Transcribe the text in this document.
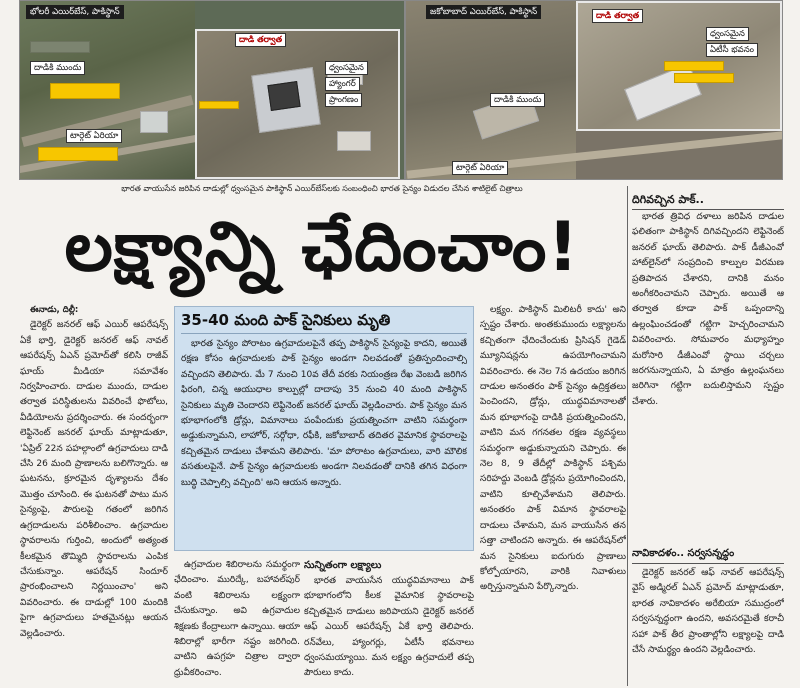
భోలరీ ఎయిర్‌బేస్, పాకిస్థాన్
దాడికి ముందు
టార్గెట్ ఏరియా
దాడి తర్వాత
ధ్వంసమైన
హ్యాంగర్
ప్రాంగణం
జకోబాబాద్ ఎయిర్‌బేస్, పాకిస్థాన్
దాడికి ముందు
టార్గెట్ ఏరియా
దాడి తర్వాత
ధ్వంసమైన
ఏటీసీ భవనం
భారత వాయుసేన జరిపిన దాడుల్లో ధ్వంసమైన పాకిస్థాన్ ఎయిర్‌బేస్‌లకు సంబంధించి భారత సైన్యం విడుదల చేసిన శాటిలైట్ చిత్రాలు
లక్ష్యాన్ని ఛేదించాం!
దిగివచ్చిన పాక్..

భారత త్రివిధ దళాలు జరిపిన దాడుల ఫలితంగా పాకిస్థాన్ దిగివచ్చిందని లెఫ్టినెంట్ జనరల్ ఘాయ్ తెలిపారు. పాక్ డీజీఎంవో హాట్‌లైన్‌లో సంప్రదించి కాల్పుల విరమణ ప్రతిపాదన చేశారని, దానికి మనం అంగీకరించామని చెప్పారు. అయితే ఆ తర్వాత కూడా పాక్ ఒప్పందాన్ని ఉల్లంఘించడంతో గట్టిగా హెచ్చరించామని వివరించారు. సోమవారం మధ్యాహ్నం మరోసారి డీజీఎంవో స్థాయి చర్చలు జరగనున్నాయని, ఏ మాత్రం ఉల్లంఘనలు జరిగినా గట్టిగా బదులిస్తామని స్పష్టం చేశారు.

నావికాదళం.. సర్వసన్నద్ధం

డైరెక్టర్ జనరల్ ఆఫ్ నావల్ ఆపరేషన్స్ వైస్ అడ్మిరల్ ఏఎన్ ప్రమోద్ మాట్లాడుతూ, భారత నావికాదళం అరేబియా సముద్రంలో సర్వసన్నద్ధంగా ఉందని, అవసరమైతే కరాచీ సహా పాక్ తీర ప్రాంతాల్లోని లక్ష్యాలపై దాడి చేసే సామర్థ్యం ఉందని వెల్లడించారు.

ఈనాడు, దిల్లీ:

డైరెక్టర్ జనరల్ ఆఫ్ ఎయిర్ ఆపరేషన్స్ ఏకే భార్తి, డైరెక్టర్ జనరల్ ఆఫ్ నావల్ ఆపరేషన్స్ ఏఎన్ ప్రమోద్‌తో కలిసి రాజీవ్ ఘాయ్ మీడియా సమావేశం నిర్వహించారు. దాడుల ముందు, దాడుల తర్వాత పరిస్థితులను వివరించే ఫొటోలు, వీడియోలను ప్రదర్శించారు. ఈ సందర్భంగా లెఫ్టినెంట్ జనరల్ ఘాయ్ మాట్లాడుతూ, 'ఏప్రిల్ 22న పహల్గాంలో ఉగ్రవాదులు దాడి చేసి 26 మంది ప్రాణాలను బలిగొన్నారు. ఆ ఘటనను, క్రూరమైన దృశ్యాలను దేశం మొత్తం చూసింది. ఈ ఘటనతో పాటు మన సైన్యంపై, పౌరులపై గతంలో జరిగిన ఉగ్రదాడులను పరిశీలించాం. ఉగ్రవాదుల స్థావరాలను గుర్తించి, అందులో అత్యంత కీలకమైన తొమ్మిది స్థావరాలను ఎంపిక చేసుకున్నాం. ఆపరేషన్ సిందూర్ ప్రారంభించాలని నిర్ణయించాం' అని వివరించారు. ఈ దాడుల్లో 100 మందికి పైగా ఉగ్రవాదులు హతమైనట్లు ఆయన వెల్లడించారు.

35-40 మంది పాక్ సైనికులు మృతి
భారత సైన్యం పోరాటం ఉగ్రవాదులపైనే తప్ప పాకిస్థాన్ సైన్యంపై కాదని, అయితే రక్షణ కోసం ఉగ్రవాదులకు పాక్ సైన్యం అండగా నిలవడంతో ప్రతిస్పందించాల్సి వచ్చిందని తెలిపారు. మే 7 నుంచి 10వ తేదీ వరకు నియంత్రణ రేఖ వెంబడి జరిగిన ఫిరంగి, చిన్న ఆయుధాల కాల్పుల్లో దాదాపు 35 నుంచి 40 మంది పాకిస్థాన్ సైనికులు మృతి చెందారని లెఫ్టినెంట్ జనరల్ ఘాయ్ వెల్లడించారు. పాక్ సైన్యం మన భూభాగంలోకి డ్రోన్లు, విమానాలు పంపేందుకు ప్రయత్నించగా వాటిని సమర్థంగా అడ్డుకున్నామని, లాహోర్, సర్గోధా, రఫీకి, జకోబాబాద్ తదితర వైమానిక స్థావరాలపై కచ్చితమైన దాడులు చేశామని తెలిపారు. 'మా పోరాటం ఉగ్రవాదులు, వారి మౌలిక వసతులపైనే. పాక్ సైన్యం ఉగ్రవాదులకు అండగా నిలవడంతో దానికి తగిన విధంగా బుద్ధి చెప్పాల్సి వచ్చింది' అని ఆయన అన్నారు.

ఉగ్రవాదుల శిబిరాలను సమర్థంగా ఛేదించాం. మురిద్కే, బహావల్‌పుర్ వంటి శిబిరాలను లక్ష్యంగా చేసుకున్నాం. అవి ఉగ్రవాదుల శిక్షణకు కేంద్రాలుగా ఉన్నాయి. ఆయా శిబిరాల్లో భారీగా నష్టం జరిగింది. వాటిని ఉపగ్రహ చిత్రాల ద్వారా ధ్రువీకరించాం.

సున్నితంగా లక్ష్యాలు

భారత వాయుసేన యుద్ధవిమానాలు పాక్ భూభాగంలోని కీలక వైమానిక స్థావరాలపై కచ్చితమైన దాడులు జరిపాయని డైరెక్టర్ జనరల్ ఆఫ్ ఎయిర్ ఆపరేషన్స్ ఏకే భార్తి తెలిపారు. రన్‌వేలు, హ్యాంగర్లు, ఏటీసీ భవనాలు ధ్వంసమయ్యాయి. మన లక్ష్యం ఉగ్రవాదులే తప్ప పౌరులు కాదు.

లక్ష్యం. పాకిస్థాన్ మిలిటరీ కాదు' అని స్పష్టం చేశారు. అంతకుముందు లక్ష్యాలను కచ్చితంగా ఛేదించేందుకు ప్రిసిషన్ గైడెడ్ మ్యూనిషన్లను ఉపయోగించామని వివరించారు. ఈ నెల 7న ఉదయం జరిగిన దాడుల అనంతరం పాక్ సైన్యం ఉద్రిక్తతలు పెంచిందని, డ్రోన్లు, యుద్ధవిమానాలతో మన భూభాగంపై దాడికి ప్రయత్నించిందని, వాటిని మన గగనతల రక్షణ వ్యవస్థలు సమర్థంగా అడ్డుకున్నాయని చెప్పారు. ఈ నెల 8, 9 తేదీల్లో పాకిస్థాన్ పశ్చిమ సరిహద్దు వెంబడి డ్రోన్లను ప్రయోగించిందని, వాటిని కూల్చివేశామని తెలిపారు. అనంతరం పాక్ విమాన స్థావరాలపై దాడులు చేశామని, మన వాయుసేన తన సత్తా చాటిందని అన్నారు. ఈ ఆపరేషన్‌లో మన సైనికులు ఐదుగురు ప్రాణాలు కోల్పోయారని, వారికి నివాళులు అర్పిస్తున్నామని పేర్కొన్నారు.
